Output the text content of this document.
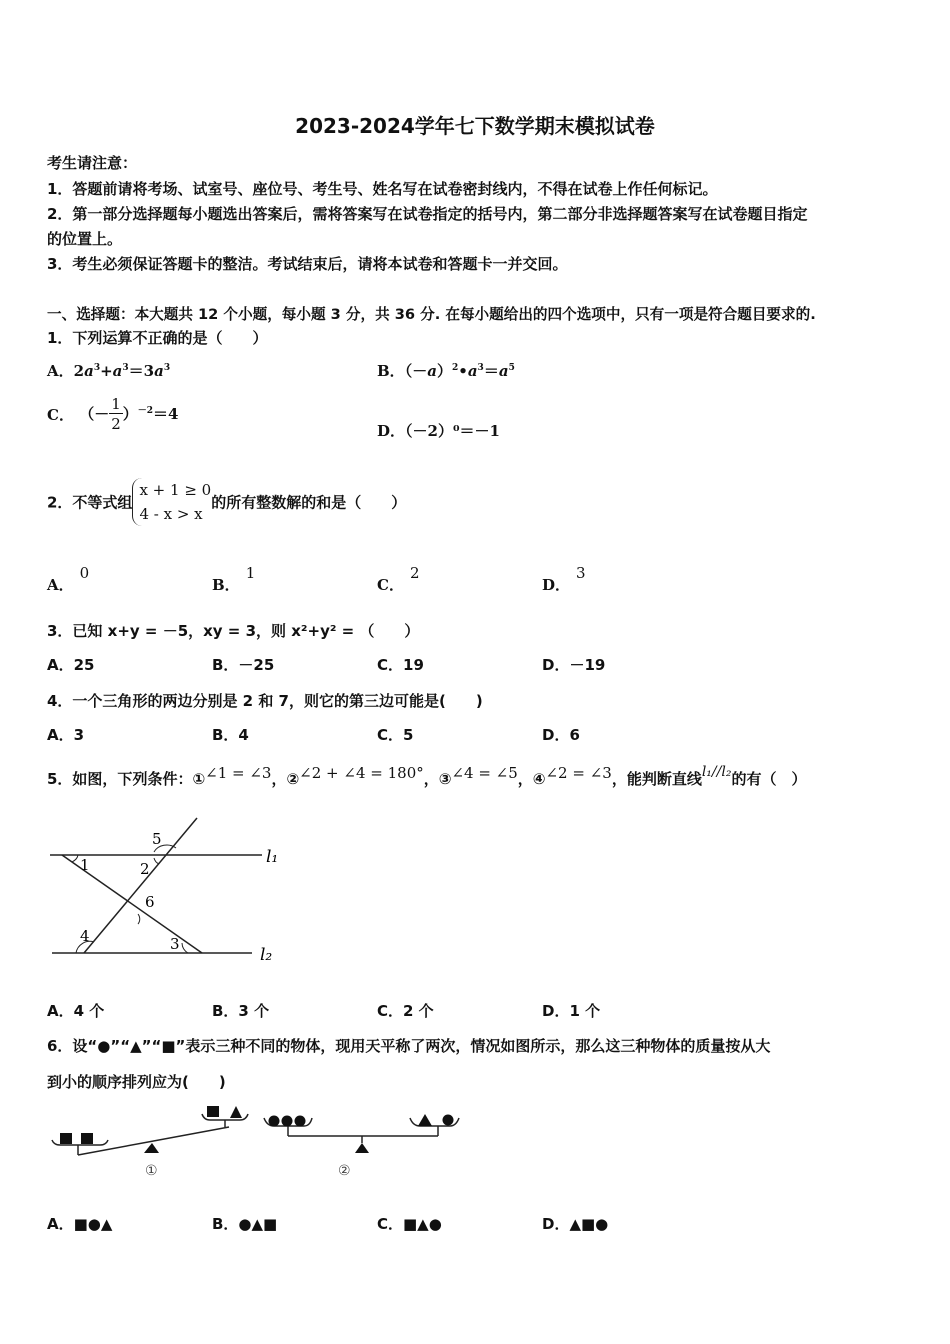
2023-2024学年七下数学期末模拟试卷
考生请注意：
1．答题前请将考场、试室号、座位号、考生号、姓名写在试卷密封线内，不得在试卷上作任何标记。
2．第一部分选择题每小题选出答案后，需将答案写在试卷指定的括号内，第二部分非选择题答案写在试卷题目指定
的位置上。
3．考生必须保证答题卡的整洁。考试结束后，请将本试卷和答题卡一并交回。
一、选择题：本大题共 12 个小题，每小题 3 分，共 36 分. 在每小题给出的四个选项中，只有一项是符合题目要求的.
1．下列运算不正确的是（　　）
A．$2a^3+a^3=3a^3$	B．$(-a)^2•a^3=a^5$
C． （－ $\frac{1}{2} )^{-2}=4$
D．（－2）⁰＝－1
2．不等式组
x + 1 ≥ 0
4 - x > x
的所有整数解的和是（　　）
A．0
B．1
C．2
D．3
3．已知 x+y = －5，xy = 3，则 x²+y² = （　　）
A．25	B．－25	C．19	D．－19
4．一个三角形的两边分别是 2 和 7，则它的第三边可能是(　　)
A．3	B．4	C．5	D．6
5．如图，下列条件：①∠1 = ∠3，②∠2 + ∠4 = 180°，③∠4 = ∠5，④∠2 = ∠3，能判断直线l₁//l₂的有（　）
1	2
3
4
5
6
l₁
l₂
A．4 个	B．3 个	C．2 个	D．1 个
6．设“●”“▲”“■”表示三种不同的物体，现用天平称了两次，情况如图所示，那么这三种物体的质量按从大
到小的顺序排列应为(　　)
①	②
A．■●▲	B．●▲■	C．■▲●	D．▲■●
